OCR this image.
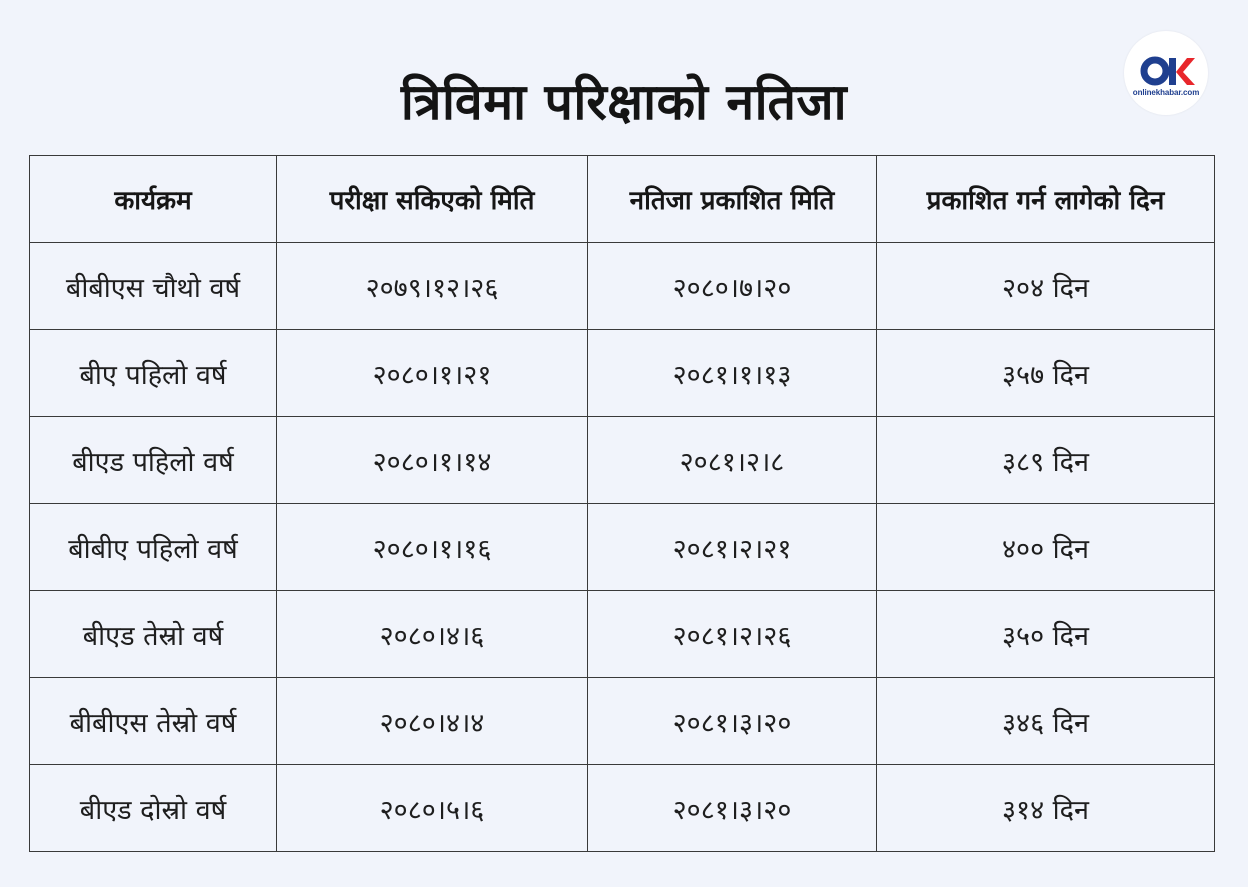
त्रिविमा परिक्षाको नतिजा	onlinekhabar.com
कार्यक्रम	परीक्षा सकिएको मिति	नतिजा प्रकाशित मिति	प्रकाशित गर्न लागेको दिन
बीबीएस चौथो वर्ष	२०७९।१२।२६	२०८०।७।२०	२०४ दिन
बीए पहिलो वर्ष	२०८०।१।२१	२०८१।१।१३	३५७ दिन
बीएड पहिलो वर्ष	२०८०।१।१४	२०८१।२।८	३८९ दिन
बीबीए पहिलो वर्ष	२०८०।१।१६	२०८१।२।२१	४०० दिन
बीएड तेस्रो वर्ष	२०८०।४।६	२०८१।२।२६	३५० दिन
बीबीएस तेस्रो वर्ष	२०८०।४।४	२०८१।३।२०	३४६ दिन
बीएड दोस्रो वर्ष	२०८०।५।६	२०८१।३।२०	३१४ दिन
